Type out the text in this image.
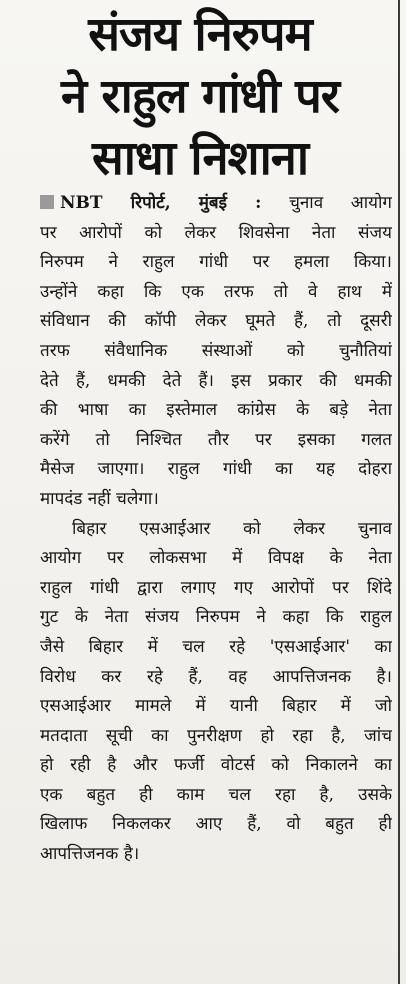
संजय निरुपम
ने राहुल गांधी पर
साधा निशाना
NBT रिपोर्ट, मुंबई : चुनाव आयोग
पर आरोपों को लेकर शिवसेना नेता संजय
निरुपम ने राहुल गांधी पर हमला किया।
उन्होंने कहा कि एक तरफ तो वे हाथ में
संविधान की कॉपी लेकर घूमते हैं, तो दूसरी
तरफ संवैधानिक संस्थाओं को चुनौतियां
देते हैं, धमकी देते हैं। इस प्रकार की धमकी
की भाषा का इस्तेमाल कांग्रेस के बड़े नेता
करेंगे तो निश्चित तौर पर इसका गलत
मैसेज जाएगा। राहुल गांधी का यह दोहरा
मापदंड नहीं चलेगा।
बिहार एसआईआर को लेकर चुनाव
आयोग पर लोकसभा में विपक्ष के नेता
राहुल गांधी द्वारा लगाए गए आरोपों पर शिंदे
गुट के नेता संजय निरुपम ने कहा कि राहुल
जैसे बिहार में चल रहे 'एसआईआर' का
विरोध कर रहे हैं, वह आपत्तिजनक है।
एसआईआर मामले में यानी बिहार में जो
मतदाता सूची का पुनरीक्षण हो रहा है, जांच
हो रही है और फर्जी वोटर्स को निकालने का
एक बहुत ही काम चल रहा है, उसके
खिलाफ निकलकर आए हैं, वो बहुत ही
आपत्तिजनक है।
